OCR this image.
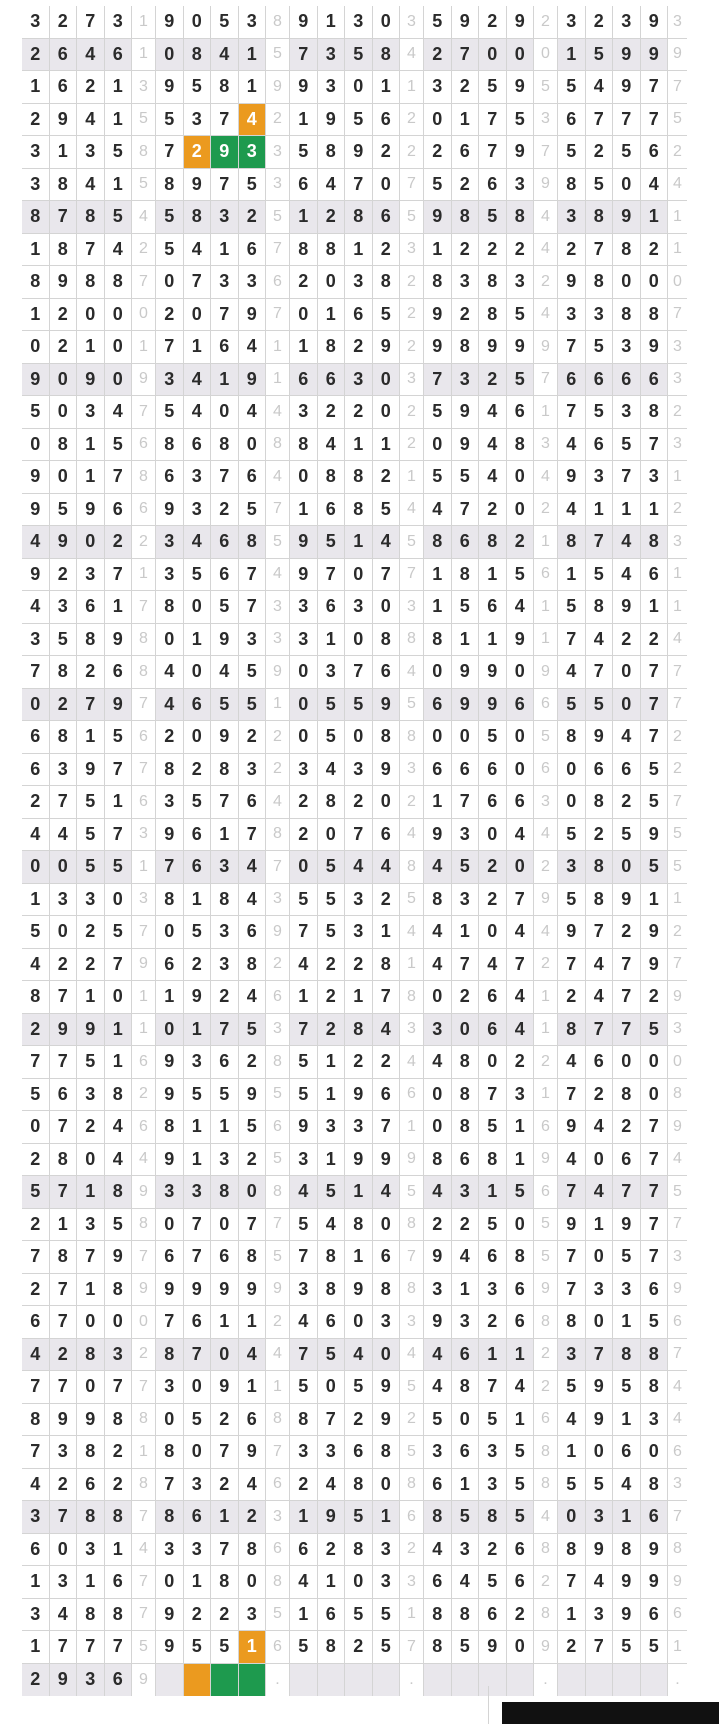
3 2 7 3	1 9 0 5 3	8 9 1 3 0	3 5 9 2 9	2 3 2 3 9 3
2 6 4 6	1 0 8 4 1	5 7 3 5 8	4 2 7 0 0	0 1 5 9 9 9
1 6 2 1	3 9 5 8 1	9 9 3 0 1	1 3 2 5 9	5 5 4 9 7 7
2 9 4 1	5 5 3 7 4	2 1 9 5 6	2 0 1 7 5	3 6 7 7 7 5
3 1 3 5	8 7 2 9 3	3 5 8 9 2	2 2 6 7 9	7 5 2 5 6 2
3 8 4 1	5 8 9 7 5	3 6 4 7 0	7 5 2 6 3	9 8 5 0 4 4
8 7 8 5	4 5 8 3 2	5 1 2 8 6	5 9 8 5 8	4 3 8 9 1 1
1 8 7 4	2 5 4 1 6	7 8 8 1 2	3 1 2 2 2	4 2 7 8 2 1
8 9 8 8	7 0 7 3 3	6 2 0 3 8	2 8 3 8 3	2 9 8 0 0 0
1 2 0 0	0 2 0 7 9	7 0 1 6 5	2 9 2 8 5	4 3 3 8 8 7
0 2 1 0	1 7 1 6 4	1 1 8 2 9	2 9 8 9 9	9 7 5 3 9 3
9 0 9 0	9 3 4 1 9	1 6 6 3 0	3 7 3 2 5	7 6 6 6 6 3
5 0 3 4	7 5 4 0 4	4 3 2 2 0	2 5 9 4 6	1 7 5 3 8 2
0 8 1 5	6 8 6 8 0	8 8 4 1 1	2 0 9 4 8	3 4 6 5 7 3
9 0 1 7	8 6 3 7 6	4 0 8 8 2	1 5 5 4 0	4 9 3 7 3 1
9 5 9 6	6 9 3 2 5	7 1 6 8 5	4 4 7 2 0	2 4 1 1 1 2
4 9 0 2	2 3 4 6 8	5 9 5 1 4	5 8 6 8 2	1 8 7 4 8 3
9 2 3 7	1 3 5 6 7	4 9 7 0 7	7 1 8 1 5	6 1 5 4 6 1
4 3 6 1	7 8 0 5 7	3 3 6 3 0	3 1 5 6 4	1 5 8 9 1 1
3 5 8 9	8 0 1 9 3	3 3 1 0 8	8 8 1 1 9	1 7 4 2 2 4
7 8 2 6	8 4 0 4 5	9 0 3 7 6	4 0 9 9 0	9 4 7 0 7 7
0 2 7 9	7 4 6 5 5	1 0 5 5 9	5 6 9 9 6	6 5 5 0 7 7
6 8 1 5	6 2 0 9 2	2 0 5 0 8	8 0 0 5 0	5 8 9 4 7 2
6 3 9 7	7 8 2 8 3	2 3 4 3 9	3 6 6 6 0	6 0 6 6 5 2
2 7 5 1	6 3 5 7 6	4 2 8 2 0	2 1 7 6 6	3 0 8 2 5 7
4 4 5 7	3 9 6 1 7	8 2 0 7 6	4 9 3 0 4	4 5 2 5 9 5
0 0 5 5	1 7 6 3 4	7 0 5 4 4	8 4 5 2 0	2 3 8 0 5 5
1 3 3 0	3 8 1 8 4	3 5 5 3 2	5 8 3 2 7	9 5 8 9 1 1
5 0 2 5	7 0 5 3 6	9 7 5 3 1	4 4 1 0 4	4 9 7 2 9 2
4 2 2 7	9 6 2 3 8	2 4 2 2 8	1 4 7 4 7	2 7 4 7 9 7
8 7 1 0	1 1 9 2 4	6 1 2 1 7	8 0 2 6 4	1 2 4 7 2 9
2 9 9 1	1 0 1 7 5	3 7 2 8 4	3 3 0 6 4	1 8 7 7 5 3
7 7 5 1	6 9 3 6 2	8 5 1 2 2	4 4 8 0 2	2 4 6 0 0 0
5 6 3 8	2 9 5 5 9	5 5 1 9 6	6 0 8 7 3	1 7 2 8 0 8
0 7 2 4	6 8 1 1 5	6 9 3 3 7	1 0 8 5 1	6 9 4 2 7 9
2 8 0 4	4 9 1 3 2	5 3 1 9 9	9 8 6 8 1	9 4 0 6 7 4
5 7 1 8	9 3 3 8 0	8 4 5 1 4	5 4 3 1 5	6 7 4 7 7 5
2 1 3 5	8 0 7 0 7	7 5 4 8 0	8 2 2 5 0	5 9 1 9 7 7
7 8 7 9	7 6 7 6 8	5 7 8 1 6	7 9 4 6 8	5 7 0 5 7 3
2 7 1 8	9 9 9 9 9	9 3 8 9 8	8 3 1 3 6	9 7 3 3 6 9
6 7 0 0	0 7 6 1 1	2 4 6 0 3	3 9 3 2 6	8 8 0 1 5 6
4 2 8 3	2 8 7 0 4	4 7 5 4 0	4 4 6 1 1	2 3 7 8 8 7
7 7 0 7	7 3 0 9 1	1 5 0 5 9	5 4 8 7 4	2 5 9 5 8 4
8 9 9 8	8 0 5 2 6	8 8 7 2 9	2 5 0 5 1	6 4 9 1 3 4
7 3 8 2	1 8 0 7 9	7 3 3 6 8	5 3 6 3 5	8 1 0 6 0 6
4 2 6 2	8 7 3 2 4	6 2 4 8 0	8 6 1 3 5	8 5 5 4 8 3
3 7 8 8	7 8 6 1 2	3 1 9 5 1	6 8 5 8 5	4 0 3 1 6 7
6 0 3 1	4 3 3 7 8	6 6 2 8 3	2 4 3 2 6	8 8 9 8 9 8
1 3 1 6	7 0 1 8 0	8 4 1 0 3	3 6 4 5 6	2 7 4 9 9 9
3 4 8 8	7 9 2 2 3	5 1 6 5 5	1 8 8 6 2	8 1 3 9 6 6
1 7 7 7	5 9 5 5 1	6 5 8 2 5	7 8 5 9 0	9 2 7 5 5 1
2 9 3 6	9	.	.	.	.
